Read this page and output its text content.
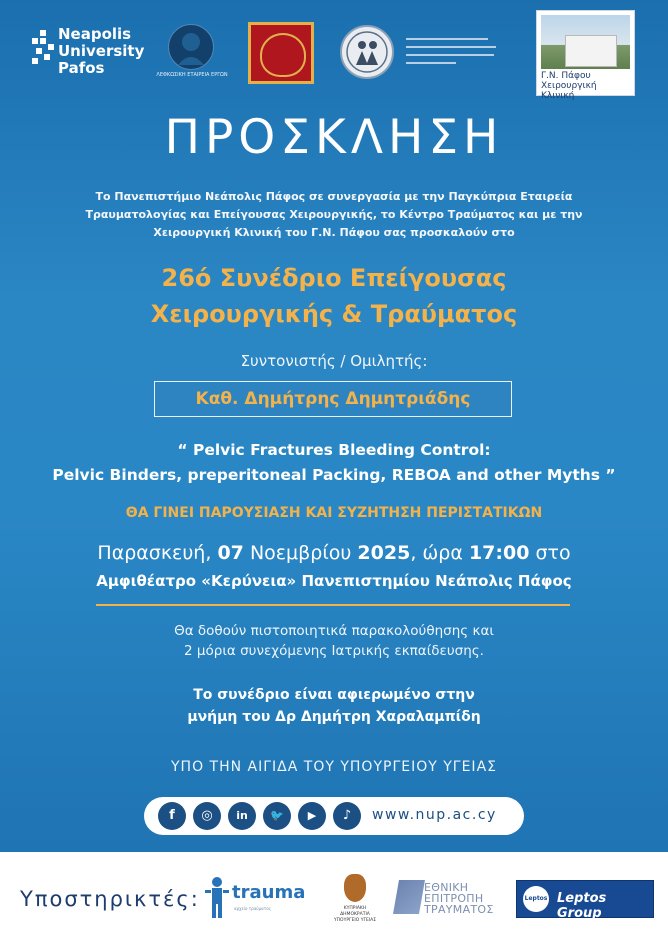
Neapolis
University
Pafos	ΛΕΦΚΩΣΙΚΗ ΕΤΑΙΡΕΙΑ ΕΡΓΩΝ	Γ.Ν. Πάφου
Χειρουργική Κλινική
ΠΡΟΣΚΛΗΣΗ
Το Πανεπιστήμιο Νεάπολις Πάφος σε συνεργασία με την Παγκύπρια Εταιρεία
Τραυματολογίας και Επείγουσας Χειρουργικής, το Κέντρο Τραύματος και με την
Χειρουργική Κλινική του Γ.Ν. Πάφου σας προσκαλούν στο
26ό Συνέδριο Επείγουσας
Χειρουργικής & Τραύματος
Συντονιστής / Ομιλητής:
Καθ. Δημήτρης Δημητριάδης
“ Pelvic Fractures Bleeding Control:
Pelvic Binders, preperitoneal Packing, REBOA and other Myths ”
ΘΑ ΓΙΝΕΙ ΠΑΡΟΥΣΙΑΣΗ ΚΑΙ ΣΥΖΗΤΗΣΗ ΠΕΡΙΣΤΑΤΙΚΩΝ
Παρασκευή, 07 Νοεμβρίου 2025, ώρα 17:00 στο
Αμφιθέατρο «Κερύνεια» Πανεπιστημίου Νεάπολις Πάφος
Θα δοθούν πιστοποιητικά παρακολούθησης και
2 μόρια συνεχόμενης Ιατρικής εκπαίδευσης.
Το συνέδριο είναι αφιερωμένο στην
μνήμη του Δρ Δημήτρη Χαραλαμπίδη
ΥΠΟ ΤΗΝ ΑΙΓΙΔΑ ΤΟΥ ΥΠΟΥΡΓΕΙΟΥ ΥΓΕΙΑΣ
f	◎	in	🐦	▶	♪	www.nup.ac.cy
Υποστηρικτές: trauma
αρχείο τραύματος	ΚΥΠΡΙΑΚΗ ΔΗΜΟΚΡΑΤΙΑ
ΥΠΟΥΡΓΕΙΟ ΥΓΕΙΑΣ
ΕΘΝΙΚΗ
ΕΠΙΤΡΟΠΗ
ΤΡΑΥΜΑΤΟΣ
Leptos Leptos Group
